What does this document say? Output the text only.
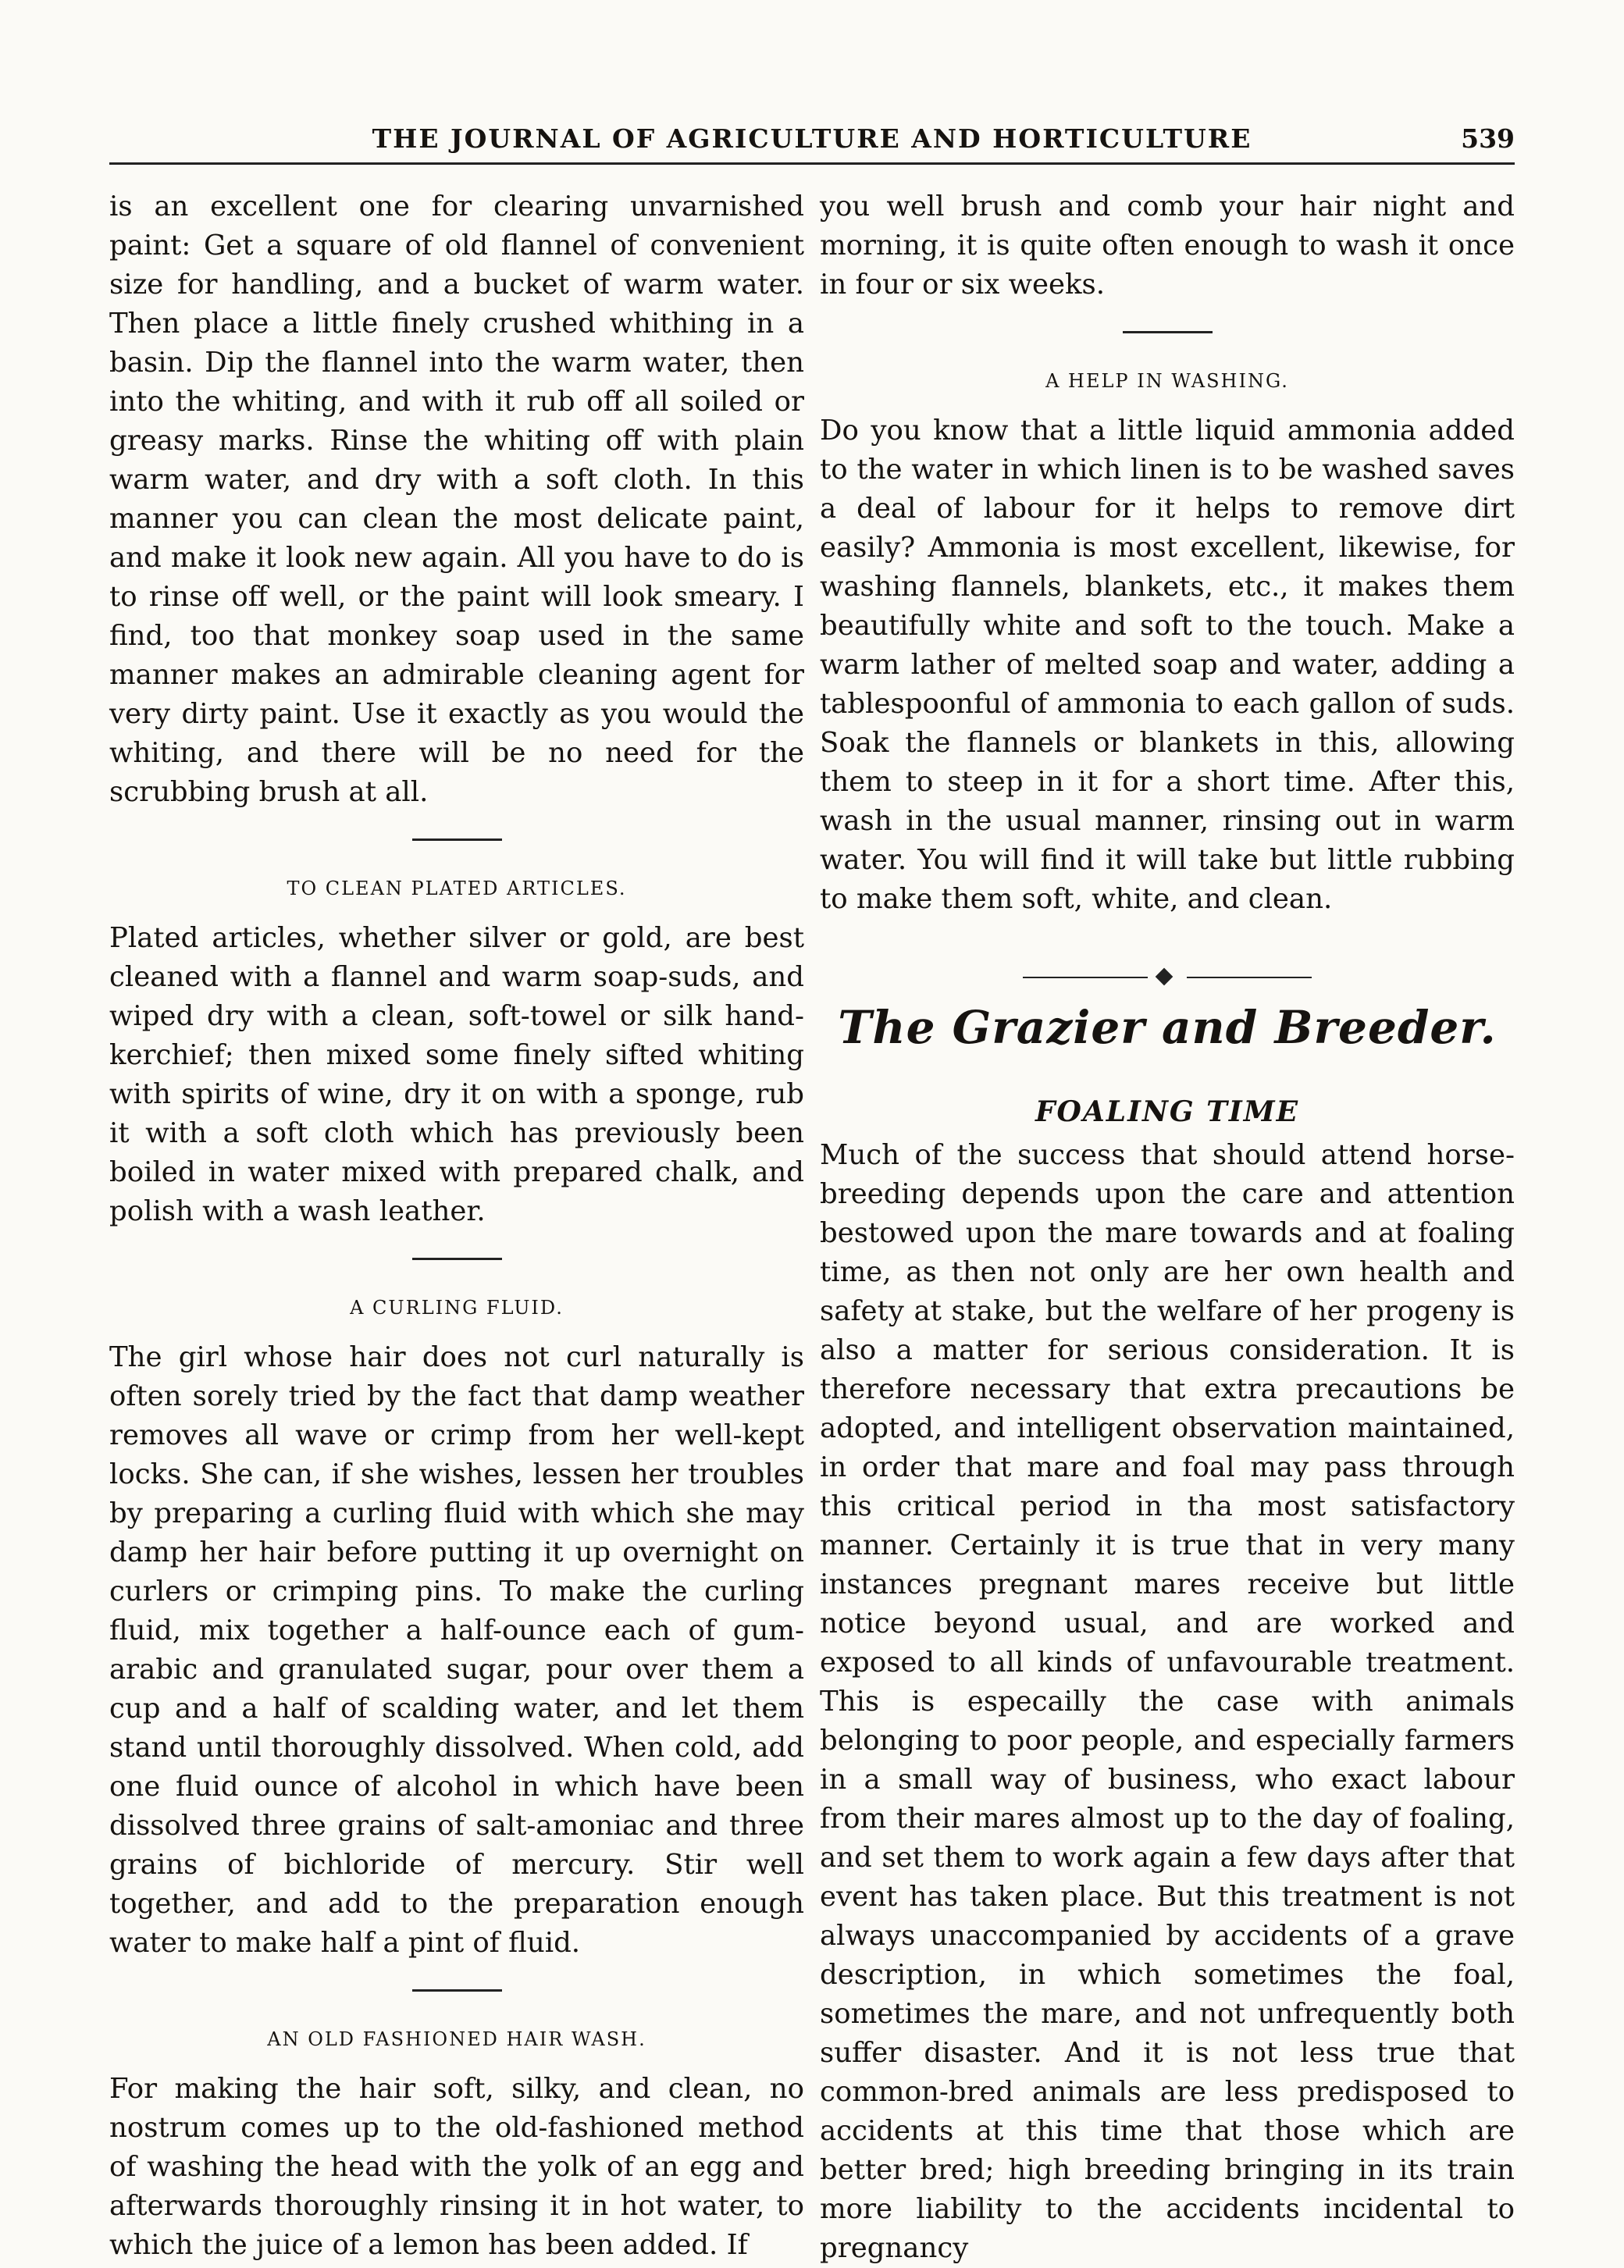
THE JOURNAL OF AGRICULTURE AND HORTICULTURE	539

is an excellent one for clearing unvarnished paint: Get a square of old flannel of convenient size for handling, and a bucket of warm water. Then place a little finely crushed whithing in a basin. Dip the flannel into the warm water, then into the whiting, and with it rub off all soiled or greasy marks. Rinse the whiting off with plain warm water, and dry with a soft cloth. In this manner you can clean the most delicate paint, and make it look new again. All you have to do is to rinse off well, or the paint will look smeary. I find, too that monkey soap used in the same manner makes an admirable cleaning agent for very dirty paint. Use it exactly as you would the whiting, and there will be no need for the scrubbing brush at all.

TO CLEAN PLATED ARTICLES.

Plated articles, whether silver or gold, are best cleaned with a flannel and warm soap-suds, and wiped dry with a clean, soft-towel or silk hand-kerchief; then mixed some finely sifted whiting with spirits of wine, dry it on with a sponge, rub it with a soft cloth which has previously been boiled in water mixed with prepared chalk, and polish with a wash leather.

A CURLING FLUID.

The girl whose hair does not curl naturally is often sorely tried by the fact that damp weather removes all wave or crimp from her well-kept locks. She can, if she wishes, lessen her troubles by preparing a curling fluid with which she may damp her hair before putting it up overnight on curlers or crimping pins. To make the curling fluid, mix together a half-ounce each of gum-arabic and granulated sugar, pour over them a cup and a half of scalding water, and let them stand until thoroughly dissolved. When cold, add one fluid ounce of alcohol in which have been dissolved three grains of salt-amoniac and three grains of bichloride of mercury. Stir well together, and add to the preparation enough water to make half a pint of fluid.

AN OLD FASHIONED HAIR WASH.

For making the hair soft, silky, and clean, no nostrum comes up to the old-fashioned method of washing the head with the yolk of an egg and afterwards thoroughly rinsing it in hot water, to which the juice of a lemon has been added. If

you well brush and comb your hair night and morning, it is quite often enough to wash it once in four or six weeks.

A HELP IN WASHING.

Do you know that a little liquid ammonia added to the water in which linen is to be washed saves a deal of labour for it helps to remove dirt easily? Ammonia is most excellent, likewise, for washing flannels, blankets, etc., it makes them beautifully white and soft to the touch. Make a warm lather of melted soap and water, adding a tablespoonful of ammonia to each gallon of suds. Soak the flannels or blankets in this, allowing them to steep in it for a short time. After this, wash in the usual manner, rinsing out in warm water. You will find it will take but little rubbing to make them soft, white, and clean.

The Grazier and Breeder.
FOALING TIME

Much of the success that should attend horse-breeding depends upon the care and attention bestowed upon the mare towards and at foaling time, as then not only are her own health and safety at stake, but the welfare of her progeny is also a matter for serious consideration. It is therefore necessary that extra precautions be adopted, and intelligent observation maintained, in order that mare and foal may pass through this critical period in tha most satisfactory manner. Certainly it is true that in very many instances pregnant mares receive but little notice beyond usual, and are worked and exposed to all kinds of unfavourable treatment. This is especailly the case with animals belonging to poor people, and especially farmers in a small way of business, who exact labour from their mares almost up to the day of foaling, and set them to work again a few days after that event has taken place. But this treatment is not always unaccompanied by accidents of a grave description, in which sometimes the foal, sometimes the mare, and not unfrequently both suffer disaster. And it is not less true that common-bred animals are less predisposed to accidents at this time that those which are better bred; high breeding bringing in its train more liability to the accidents incidental to pregnancy
